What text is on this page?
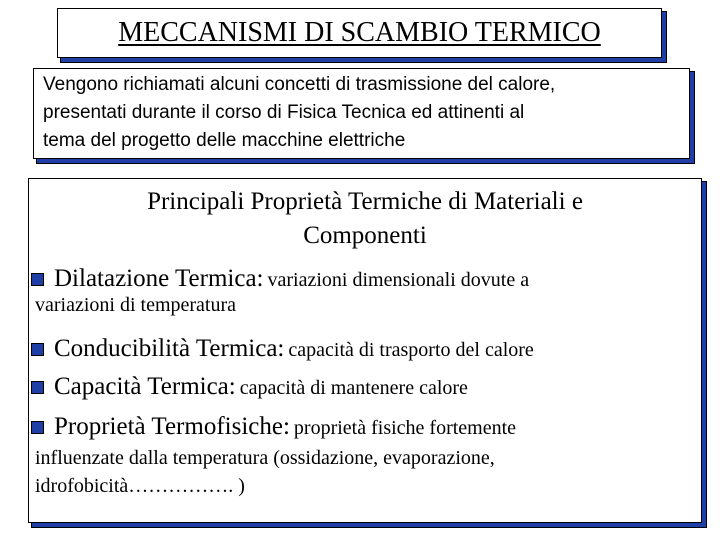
MECCANISMI DI SCAMBIO TERMICO
Vengono richiamati alcuni concetti di trasmissione del calore,
presentati durante il corso di Fisica Tecnica ed attinenti al
tema del progetto delle macchine elettriche
Principali Proprietà Termiche di Materiali e
Componenti
Dilatazione Termica: variazioni dimensionali dovute a
variazioni di temperatura
Conducibilità Termica: capacità di trasporto del calore
Capacità Termica: capacità di mantenere calore
Proprietà Termofisiche: proprietà fisiche fortemente
influenzate dalla temperatura (ossidazione, evaporazione,
idrofobicità……………. )
